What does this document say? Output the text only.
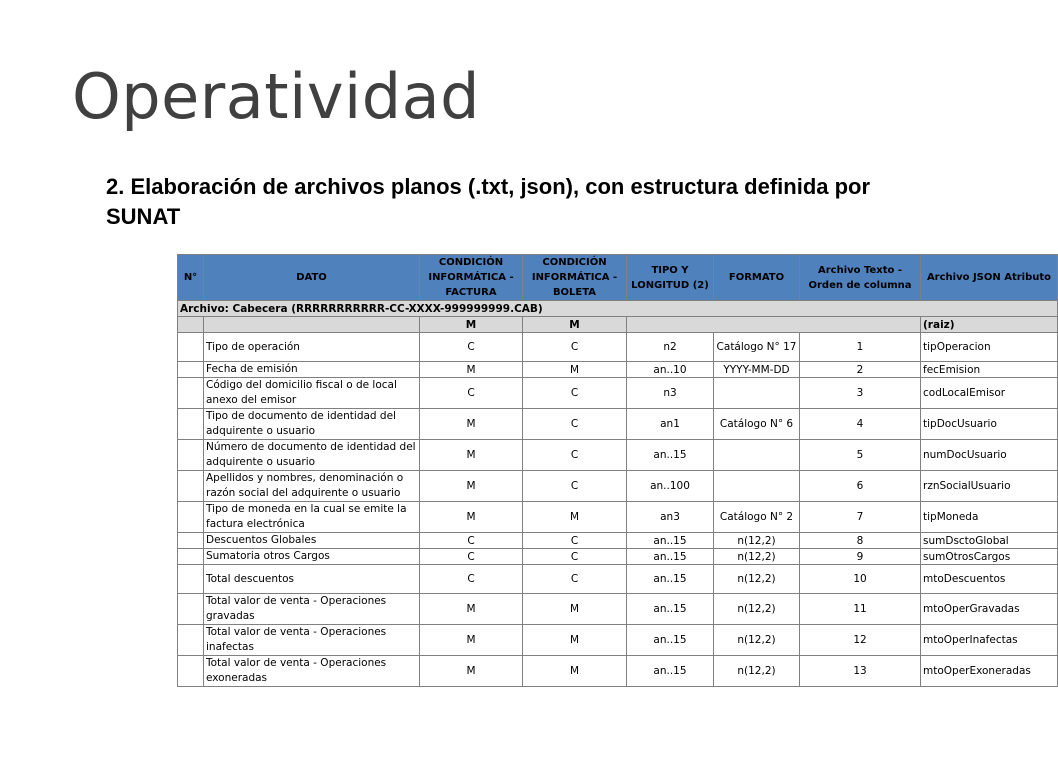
Operatividad
2. Elaboración de archivos planos (.txt, json), con estructura definida por SUNAT
N°	DATO	CONDICIÓN INFORMÁTICA - FACTURA	CONDICIÓN INFORMÁTICA - BOLETA	TIPO Y LONGITUD (2)	FORMATO	Archivo Texto - Orden de columna	Archivo JSON Atributo
Archivo: Cabecera (RRRRRRRRRRR-CC-XXXX-999999999.CAB)							
		M	M				(raiz)
	Tipo de operación	C	C	n2	Catálogo N° 17	1	tipOperacion
	Fecha de emisión	M	M	an..10	YYYY-MM-DD	2	fecEmision
	Código del domicilio fiscal o de local anexo del emisor	C	C	n3		3	codLocalEmisor
	Tipo de documento de identidad del adquirente o usuario	M	C	an1	Catálogo N° 6	4	tipDocUsuario
	Número de documento de identidad del adquirente o usuario	M	C	an..15		5	numDocUsuario
	Apellidos y nombres, denominación o razón social del adquirente o usuario	M	C	an..100		6	rznSocialUsuario
	Tipo de moneda en la cual se emite la factura electrónica	M	M	an3	Catálogo N° 2	7	tipMoneda
	Descuentos Globales	C	C	an..15	n(12,2)	8	sumDsctoGlobal
	Sumatoria otros Cargos	C	C	an..15	n(12,2)	9	sumOtrosCargos
	Total descuentos	C	C	an..15	n(12,2)	10	mtoDescuentos
	Total valor de venta - Operaciones gravadas	M	M	an..15	n(12,2)	11	mtoOperGravadas
	Total valor de venta - Operaciones inafectas	M	M	an..15	n(12,2)	12	mtoOperInafectas
	Total valor de venta - Operaciones exoneradas	M	M	an..15	n(12,2)	13	mtoOperExoneradas
